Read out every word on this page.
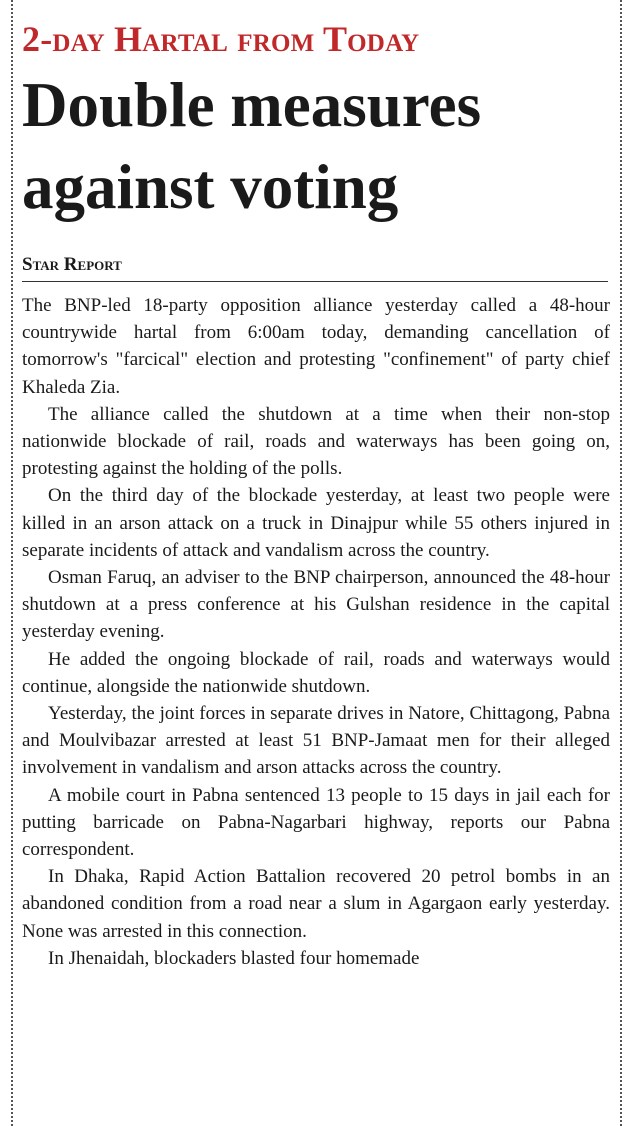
2-day Hartal from Today
Double measures against voting
Star Report

The BNP-led 18-party opposition alliance yesterday called a 48-hour countrywide hartal from 6:00am today, demanding cancellation of tomorrow's "farcical" election and protesting "confinement" of party chief Khaleda Zia.

The alliance called the shutdown at a time when their non-stop nationwide blockade of rail, roads and waterways has been going on, protesting against the holding of the polls.

On the third day of the blockade yesterday, at least two people were killed in an arson attack on a truck in Dinajpur while 55 others injured in separate incidents of attack and vandalism across the country.

Osman Faruq, an adviser to the BNP chairperson, announced the 48-hour shutdown at a press conference at his Gulshan residence in the capital yesterday evening.

He added the ongoing blockade of rail, roads and waterways would continue, alongside the nationwide shutdown.

Yesterday, the joint forces in separate drives in Natore, Chittagong, Pabna and Moulvibazar arrested at least 51 BNP-Jamaat men for their alleged involvement in vandalism and arson attacks across the country.

A mobile court in Pabna sentenced 13 people to 15 days in jail each for putting barricade on Pabna-Nagarbari highway, reports our Pabna correspondent.

In Dhaka, Rapid Action Battalion recovered 20 petrol bombs in an abandoned condition from a road near a slum in Agargaon early yesterday. None was arrested in this connection.

In Jhenaidah, blockaders blasted four homemade
